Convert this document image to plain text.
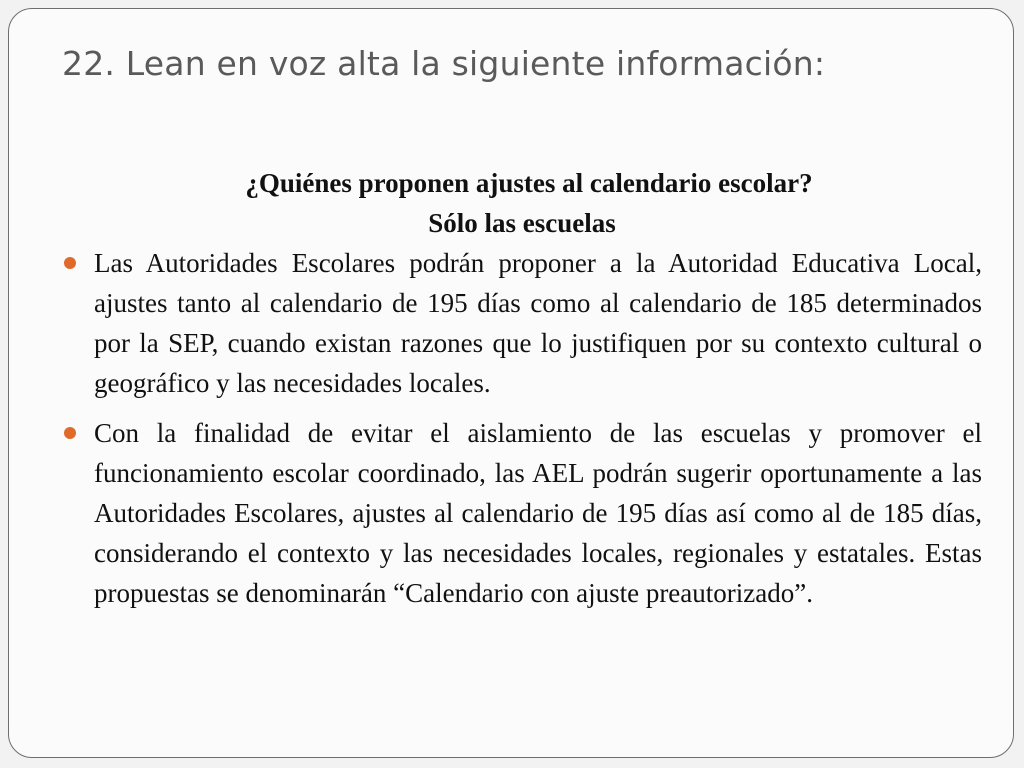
22. Lean en voz alta la siguiente información:

¿Quiénes proponen ajustes al calendario escolar?

Sólo las escuelas

Las Autoridades Escolares podrán proponer a la Autoridad Educativa Local, ajustes tanto al calendario de 195 días como al calendario de 185 determinados por la SEP, cuando existan razones que lo justifiquen por su contexto cultural o geográfico y las necesidades locales.
Con la finalidad de evitar el aislamiento de las escuelas y promover el funcionamiento escolar coordinado, las AEL podrán sugerir oportunamente a las Autoridades Escolares, ajustes al calendario de 195 días así como al de 185 días, considerando el contexto y las necesidades locales, regionales y estatales. Estas propuestas se denominarán “Calendario con ajuste preautorizado”.
